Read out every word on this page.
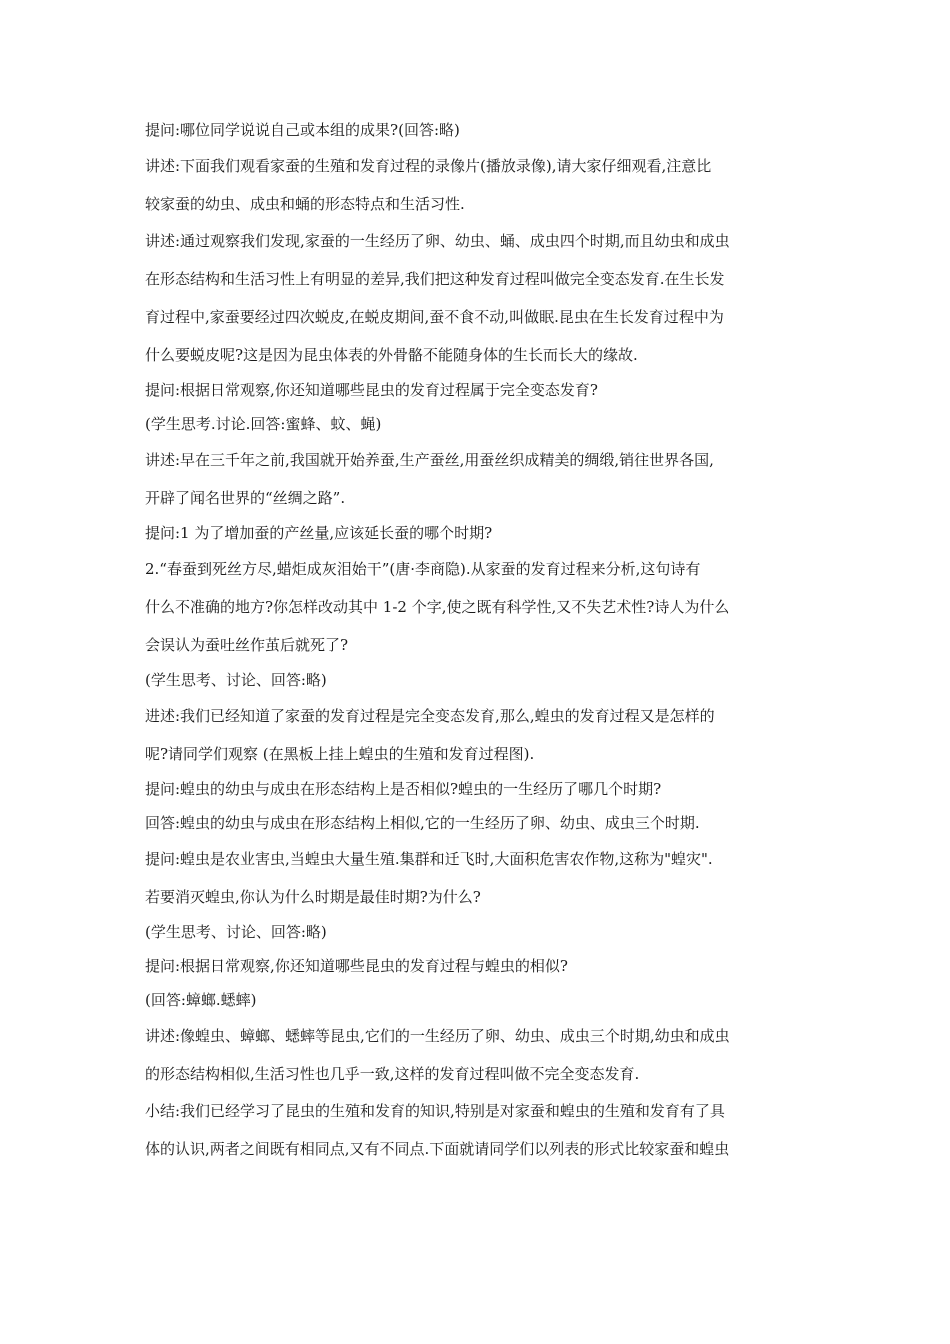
提问:哪位同学说说自己或本组的成果?(回答:略)

讲述:下面我们观看家蚕的生殖和发育过程的录像片(播放录像),请大家仔细观看,注意比

较家蚕的幼虫、成虫和蛹的形态特点和生活习性.

讲述:通过观察我们发现,家蚕的一生经历了卵、幼虫、蛹、成虫四个时期,而且幼虫和成虫

在形态结构和生活习性上有明显的差异,我们把这种发育过程叫做完全变态发育.在生长发

育过程中,家蚕要经过四次蜕皮,在蜕皮期间,蚕不食不动,叫做眠.昆虫在生长发育过程中为

什么要蜕皮呢?这是因为昆虫体表的外骨骼不能随身体的生长而长大的缘故.

提问:根据日常观察,你还知道哪些昆虫的发育过程属于完全变态发育?

(学生思考.讨论.回答:蜜蜂、蚊、蝇)

讲述:早在三千年之前,我国就开始养蚕,生产蚕丝,用蚕丝织成精美的绸缎,销往世界各国,

开辟了闻名世界的“丝绸之路”.

提问:1 为了增加蚕的产丝量,应该延长蚕的哪个时期?

2.“春蚕到死丝方尽,蜡炬成灰泪始干”(唐·李商隐).从家蚕的发育过程来分析,这句诗有

什么不准确的地方?你怎样改动其中 1-2 个字,使之既有科学性,又不失艺术性?诗人为什么

会误认为蚕吐丝作茧后就死了?

(学生思考、讨论、回答:略)

进述:我们已经知道了家蚕的发育过程是完全变态发育,那么,蝗虫的发育过程又是怎样的

呢?请同学们观察 (在黑板上挂上蝗虫的生殖和发育过程图).

提问:蝗虫的幼虫与成虫在形态结构上是否相似?蝗虫的一生经历了哪几个时期?

回答:蝗虫的幼虫与成虫在形态结构上相似,它的一生经历了卵、幼虫、成虫三个时期.

提问:蝗虫是农业害虫,当蝗虫大量生殖.集群和迁飞时,大面积危害农作物,这称为"蝗灾".

若要消灭蝗虫,你认为什么时期是最佳时期?为什么?

(学生思考、讨论、回答:略)

提问:根据日常观察,你还知道哪些昆虫的发育过程与蝗虫的相似?

(回答:蟑螂.蟋蟀)

讲述:像蝗虫、蟑螂、蟋蟀等昆虫,它们的一生经历了卵、幼虫、成虫三个时期,幼虫和成虫

的形态结构相似,生活习性也几乎一致,这样的发育过程叫做不完全变态发育.

小结:我们已经学习了昆虫的生殖和发育的知识,特别是对家蚕和蝗虫的生殖和发育有了具

体的认识,两者之间既有相同点,又有不同点.下面就请同学们以列表的形式比较家蚕和蝗虫
